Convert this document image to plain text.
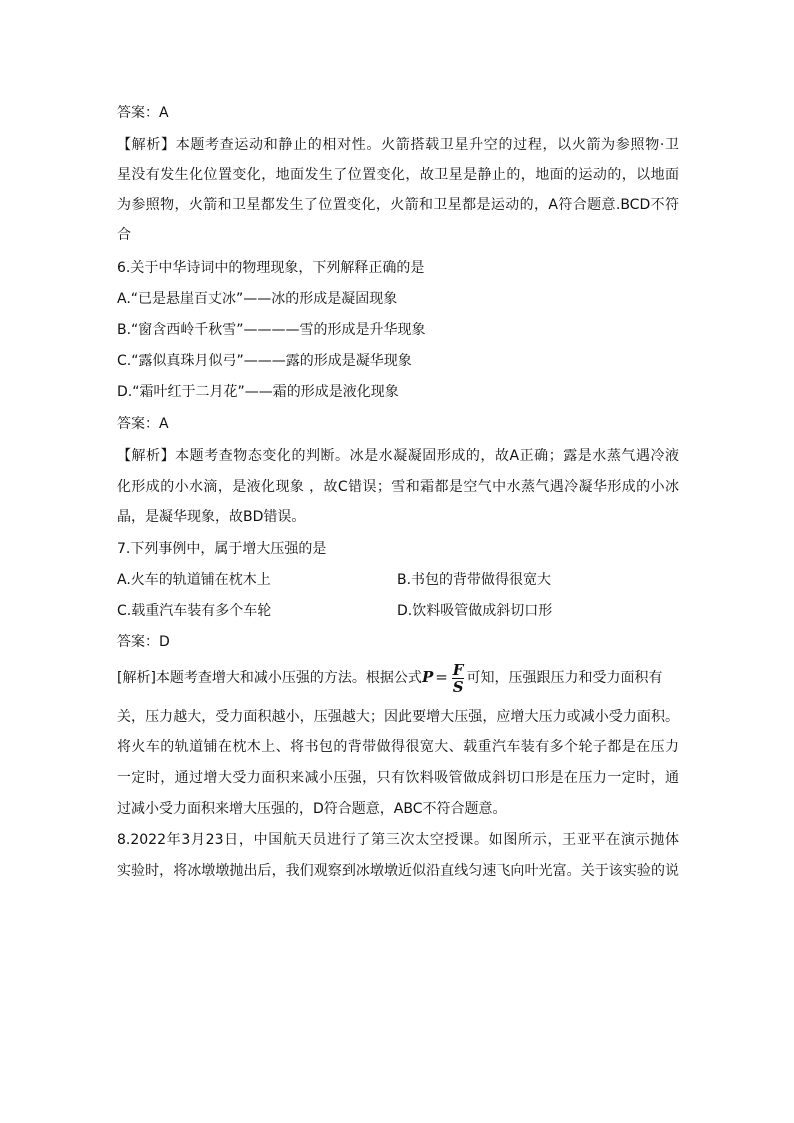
答案：A
【解析】本题考查运动和静止的相对性。火箭搭载卫星升空的过程，以火箭为参照物·卫
星没有发生化位置变化，地面发生了位置变化，故卫星是静止的，地面的运动的，以地面
为参照物，火箭和卫星都发生了位置变化，火箭和卫星都是运动的，A符合题意.BCD不符
合
6.关于中华诗词中的物理现象，下列解释正确的是
A.“已是悬崖百丈冰”——冰的形成是凝固现象
B.“窗含西岭千秋雪”————雪的形成是升华现象
C.“露似真珠月似弓”———露的形成是凝华现象
D.“霜叶红于二月花”——霜的形成是液化现象
答案：A
【解析】本题考查物态变化的判断。冰是水凝凝固形成的，故A正确；露是水蒸气遇冷液
化形成的小水滴，是液化现象 ，故C错误；雪和霜都是空气中水蒸气遇冷凝华形成的小冰
晶，是凝华现象，故BD错误。
7.下列事例中，属于增大压强的是
A.火车的轨道铺在枕木上	B.书包的背带做得很宽大
C.载重汽车装有多个车轮	D.饮料吸管做成斜切口形
答案：D
[解析]本题考查增大和减小压强的方法。根据公式$P = \frac{F}{S}$ 可知，压强跟压力和受力面积有
关，压力越大，受力面积越小，压强越大；因此要增大压强，应增大压力或减小受力面积。
将火车的轨道铺在枕木上、将书包的背带做得很宽大、载重汽车装有多个轮子都是在压力
一定时，通过增大受力面积来减小压强，只有饮料吸管做成斜切口形是在压力一定时，通
过减小受力面积来增大压强的，D符合题意，ABC不符合题意。
8.2022年3月23日，中国航天员进行了第三次太空授课。如图所示，王亚平在演示抛体
实验时，将冰墩墩抛出后，我们观察到冰墩墩近似沿直线匀速飞向叶光富。关于该实验的说
